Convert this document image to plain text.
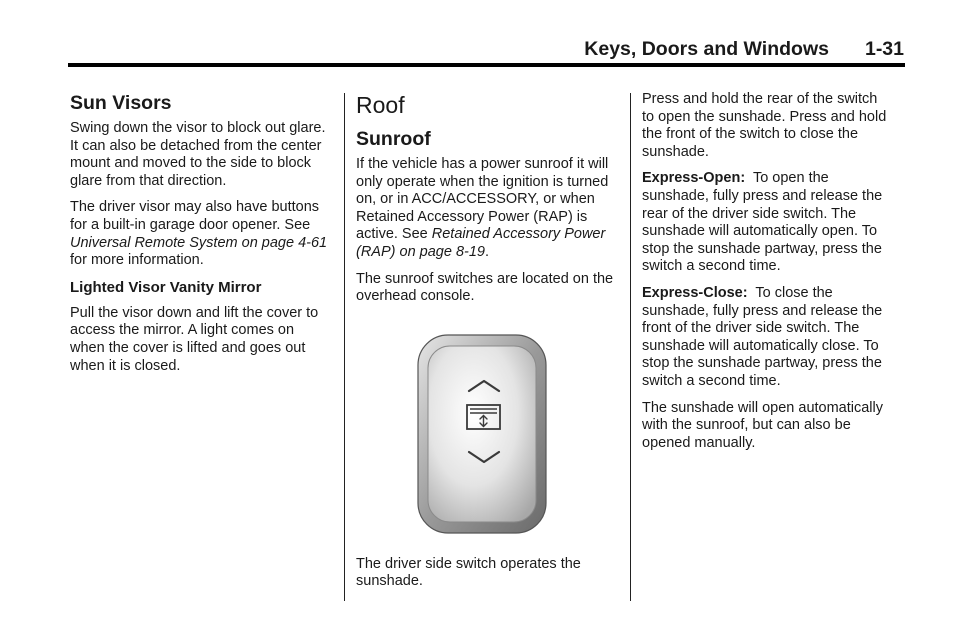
Keys, Doors and Windows 1-31
Sun Visors

Swing down the visor to block out glare. It can also be detached from the center mount and moved to the side to block glare from that direction.

The driver visor may also have buttons for a built-in garage door opener. See Universal Remote System on page 4-61 for more information.

Lighted Visor Vanity Mirror

Pull the visor down and lift the cover to access the mirror. A light comes on when the cover is lifted and goes out when it is closed.

Roof
Sunroof

If the vehicle has a power sunroof it will only operate when the ignition is turned on, or in ACC/ACCESSORY, or when Retained Accessory Power (RAP) is active. See Retained Accessory Power (RAP) on page 8-19.

The sunroof switches are located on the overhead console.

The driver side switch operates the sunshade.

Press and hold the rear of the switch to open the sunshade. Press and hold the front of the switch to close the sunshade.

Express-Open:  To open the sunshade, fully press and release the rear of the driver side switch. The sunshade will automatically open. To stop the sunshade partway, press the switch a second time.

Express-Close:  To close the sunshade, fully press and release the front of the driver side switch. The sunshade will automatically close. To stop the sunshade partway, press the switch a second time.

The sunshade will open automatically with the sunroof, but can also be opened manually.
